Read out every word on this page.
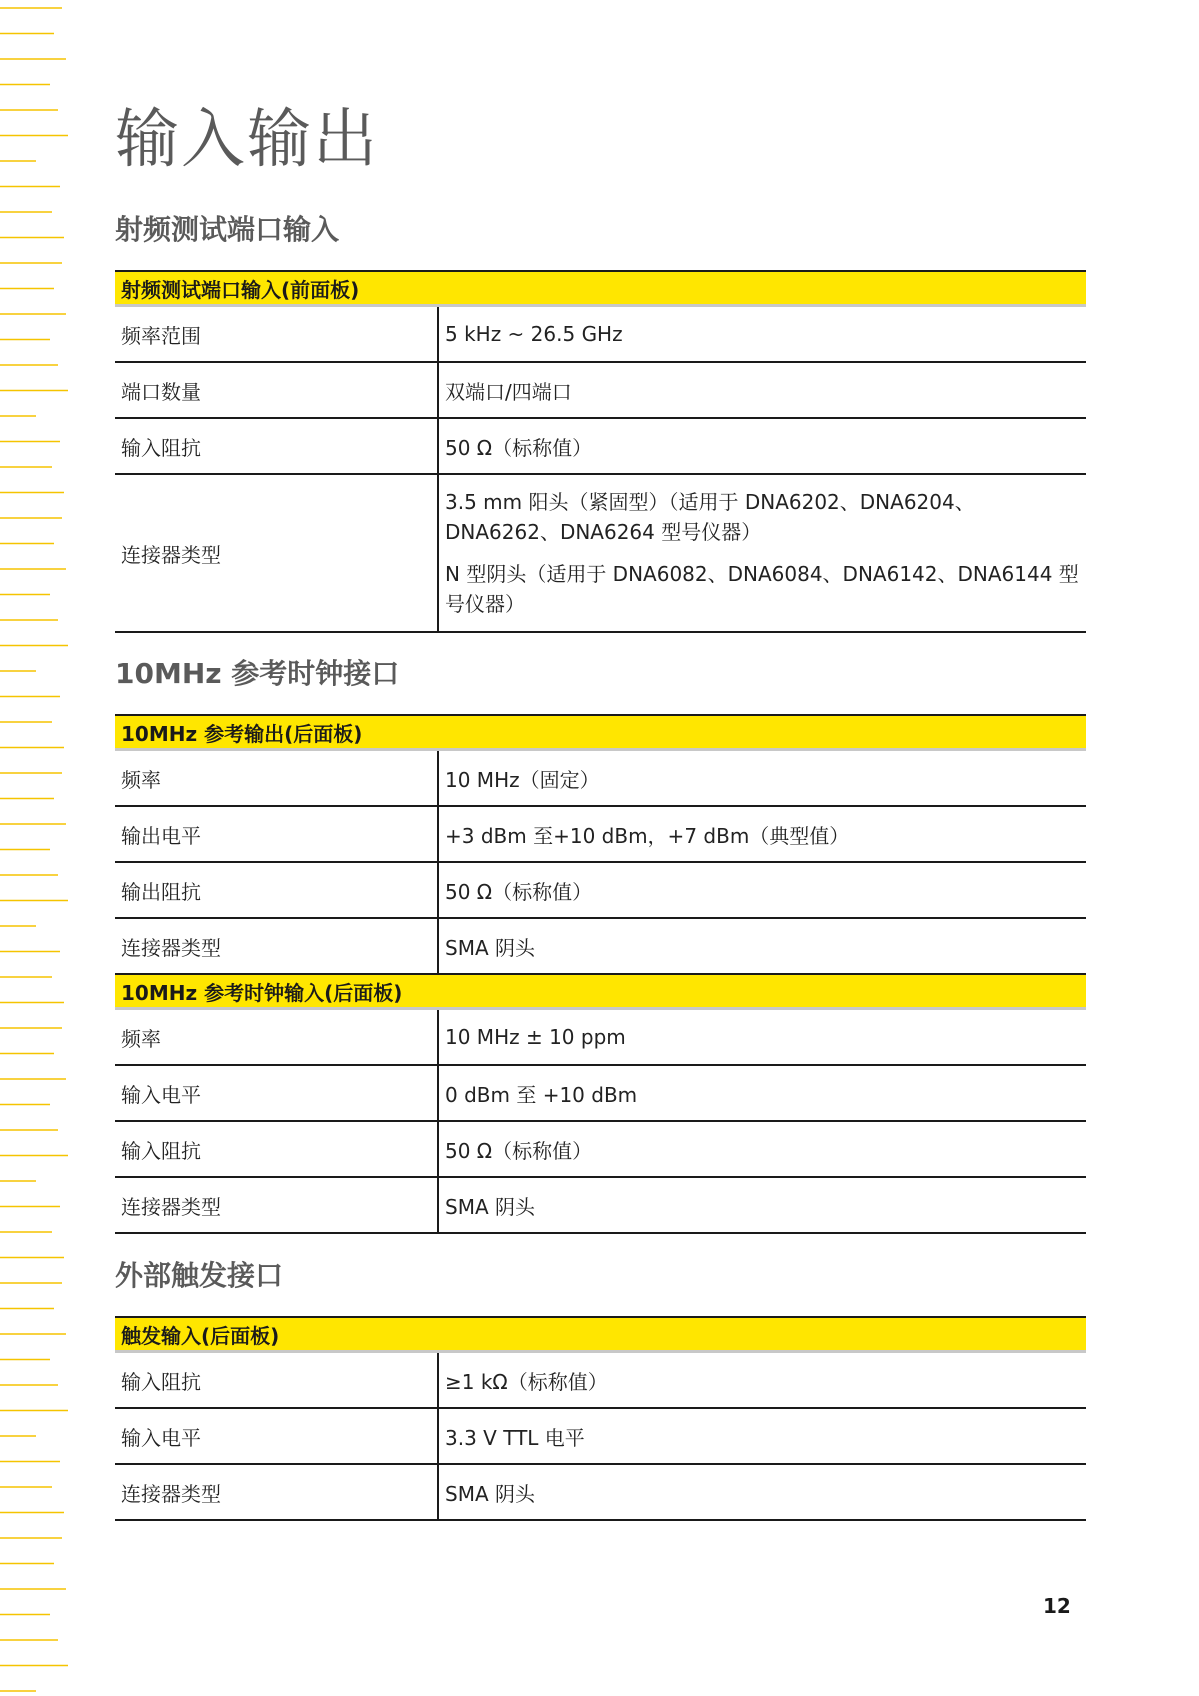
输入输出
射频测试端口输入
射频测试端口输入(前面板)	
频率范围	5 kHz ~ 26.5 GHz
端口数量	双端口/四端口
输入阻抗	50 Ω（标称值）
连接器类型	3.5 mm 阳头（紧固型）（适用于 DNA6202、DNA6204、
DNA6262、DNA6264 型号仪器）
N 型阴头（适用于 DNA6082、DNA6084、DNA6142、DNA6144 型
号仪器）
10MHz 参考时钟接口
10MHz 参考输出(后面板)	
频率	10 MHz（固定）
输出电平	+3 dBm 至+10 dBm，+7 dBm（典型值）
输出阻抗	50 Ω（标称值）
连接器类型	SMA 阴头
10MHz 参考时钟输入(后面板)	
频率	10 MHz ± 10 ppm
输入电平	0 dBm 至 +10 dBm
输入阻抗	50 Ω（标称值）
连接器类型	SMA 阴头
外部触发接口
触发输入(后面板)	
输入阻抗	≥1 kΩ（标称值）
输入电平	3.3 V TTL 电平
连接器类型	SMA 阴头
12
